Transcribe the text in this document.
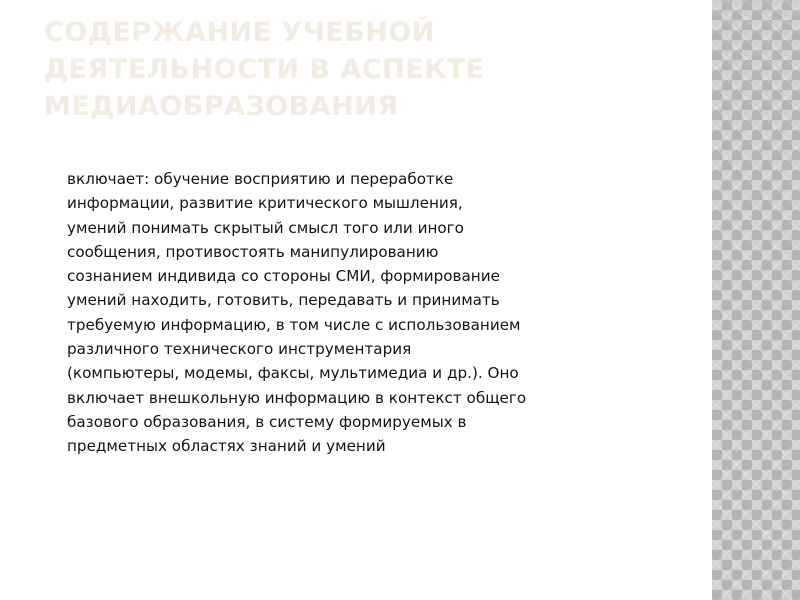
СОДЕРЖАНИЕ УЧЕБНОЙ ДЕЯТЕЛЬНОСТИ В АСПЕКТЕ МЕДИАОБРАЗОВАНИЯ

включает: обучение восприятию и переработке информации, развитие критического мышления, умений понимать скрытый смысл того или иного сообщения, противостоять манипулированию сознанием индивида со стороны СМИ, формирование умений находить, готовить, передавать и принимать требуемую информацию, в том числе с использованием различного технического инструментария (компьютеры, модемы, факсы, мультимедиа и др.). Оно включает внешкольную информацию в контекст общего базового образования, в систему формируемых в предметных областях знаний и умений
